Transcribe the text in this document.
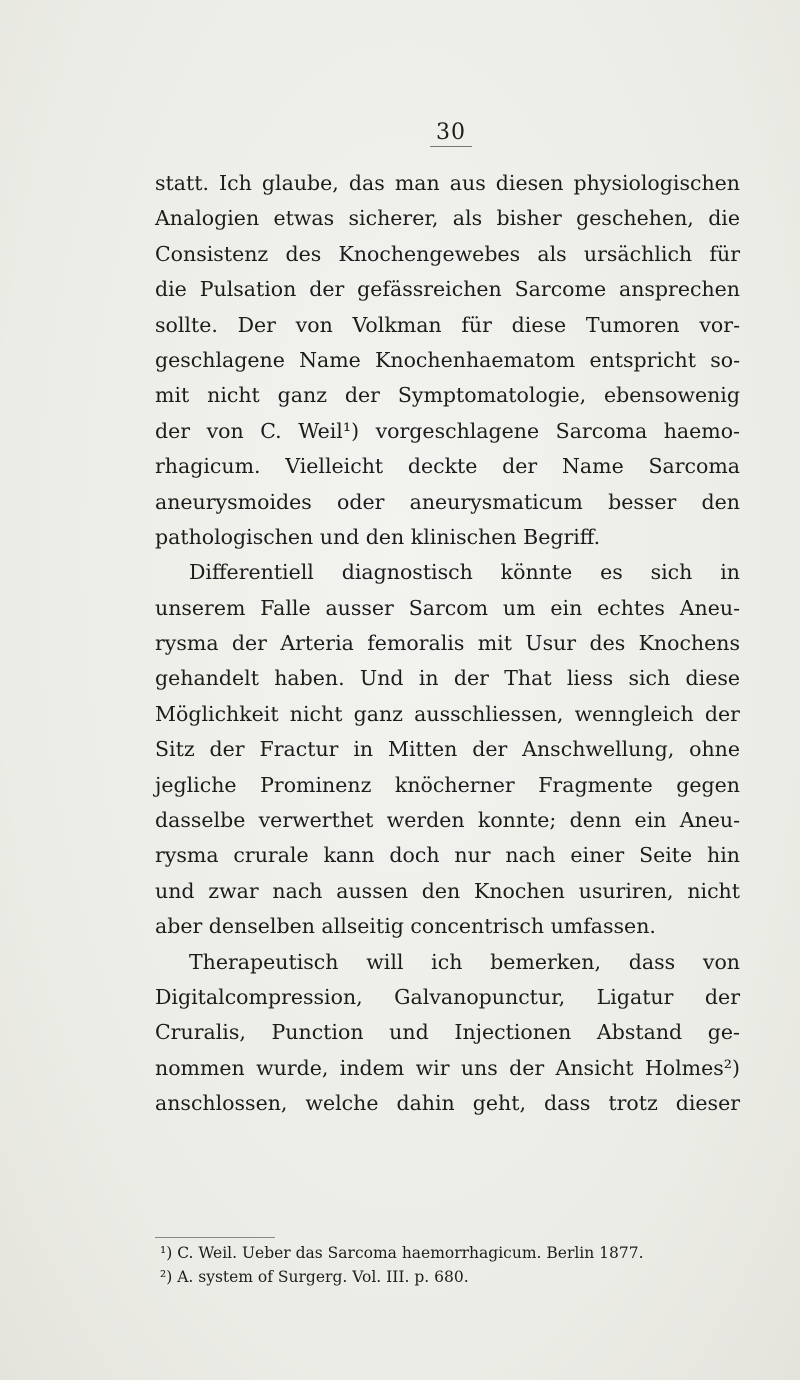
30
statt. Ich glaube, das man aus diesen physiologischen
Analogien etwas sicherer, als bisher geschehen, die
Consistenz des Knochengewebes als ursächlich für
die Pulsation der gefässreichen Sarcome ansprechen
sollte. Der von Volkman für diese Tumoren vor-
geschlagene Name Knochenhaematom entspricht so-
mit nicht ganz der Symptomatologie, ebensowenig
der von C. Weil¹) vorgeschlagene Sarcoma haemo-
rhagicum. Vielleicht deckte der Name Sarcoma
aneurysmoides oder aneurysmaticum besser den
pathologischen und den klinischen Begriff.
Differentiell diagnostisch könnte es sich in
unserem Falle ausser Sarcom um ein echtes Aneu-
rysma der Arteria femoralis mit Usur des Knochens
gehandelt haben. Und in der That liess sich diese
Möglichkeit nicht ganz ausschliessen, wenngleich der
Sitz der Fractur in Mitten der Anschwellung, ohne
jegliche Prominenz knöcherner Fragmente gegen
dasselbe verwerthet werden konnte; denn ein Aneu-
rysma crurale kann doch nur nach einer Seite hin
und zwar nach aussen den Knochen usuriren, nicht
aber denselben allseitig concentrisch umfassen.
Therapeutisch will ich bemerken, dass von
Digitalcompression, Galvanopunctur, Ligatur der
Cruralis, Punction und Injectionen Abstand ge-
nommen wurde, indem wir uns der Ansicht Holmes²)
anschlossen, welche dahin geht, dass trotz dieser
¹) C. Weil. Ueber das Sarcoma haemorrhagicum. Berlin 1877.
²) A. system of Surgerg. Vol. III. p. 680.
